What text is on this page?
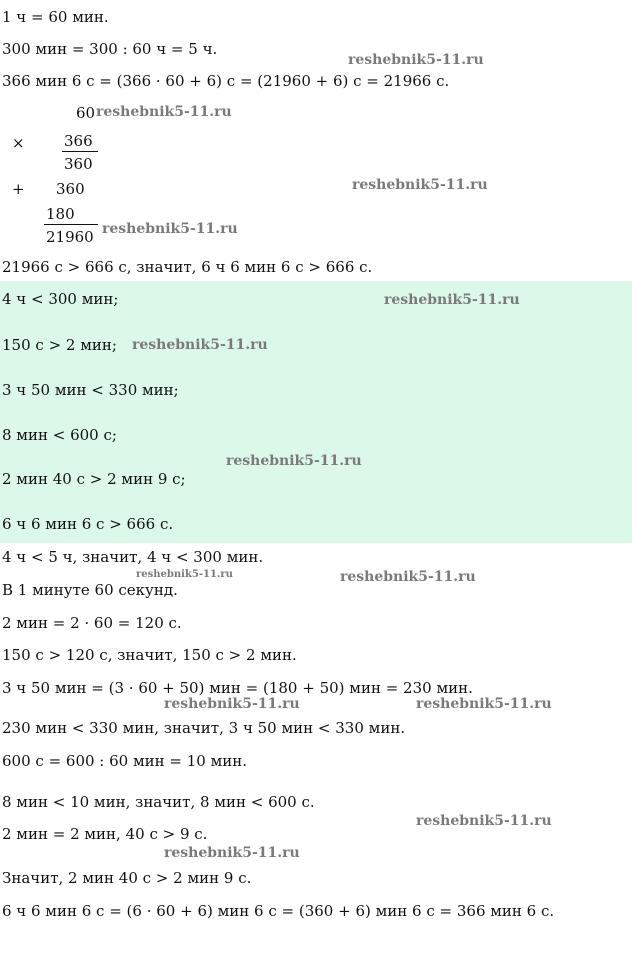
1 ч = 60 мин.
300 мин = 300 : 60 ч = 5 ч.
366 мин 6 с = (366 · 60 + 6) с = (21960 + 6) с = 21966 с.
60
×	366
360
+ 360
180
21960
21966 с > 666 с, значит, 6 ч 6 мин 6 с > 666 с.
4 ч < 300 мин;
150 с > 2 мин;
3 ч 50 мин < 330 мин;
8 мин < 600 с;
2 мин 40 с > 2 мин 9 с;
6 ч 6 мин 6 с > 666 с.
4 ч < 5 ч, значит, 4 ч < 300 мин.
В 1 минуте 60 секунд.
2 мин = 2 · 60 = 120 с.
150 с > 120 с, значит, 150 с > 2 мин.
3 ч 50 мин = (3 · 60 + 50) мин = (180 + 50) мин = 230 мин.
230 мин < 330 мин, значит, 3 ч 50 мин < 330 мин.
600 с = 600 : 60 мин = 10 мин.
8 мин < 10 мин, значит, 8 мин < 600 с.
2 мин = 2 мин, 40 с > 9 с.
Значит, 2 мин 40 с > 2 мин 9 с.
6 ч 6 мин 6 с = (6 · 60 + 6) мин 6 с = (360 + 6) мин 6 с = 366 мин 6 с.
reshebnik5-11.ru
reshebnik5-11.ru
reshebnik5-11.ru
reshebnik5-11.ru
reshebnik5-11.ru
reshebnik5-11.ru
reshebnik5-11.ru
reshebnik5-11.ru	reshebnik5-11.ru
reshebnik5-11.ru	reshebnik5-11.ru
reshebnik5-11.ru
reshebnik5-11.ru
